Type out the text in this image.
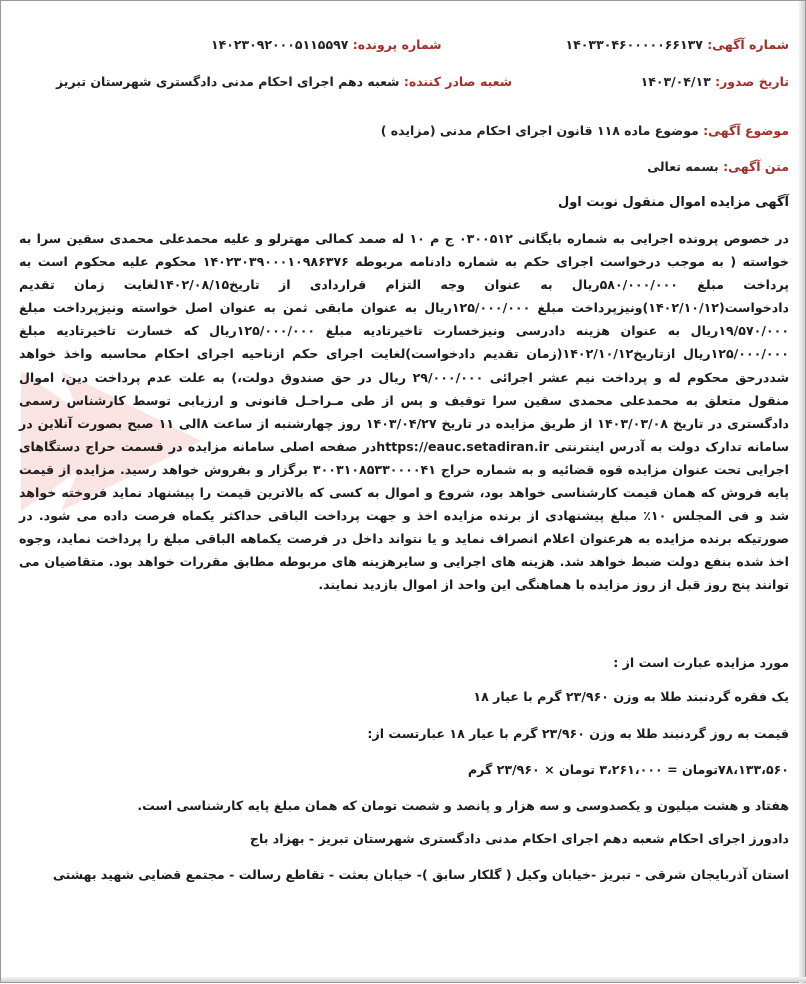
شماره آگهی: ۱۴۰۳۳۰۴۶۰۰۰۰۰۶۶۱۳۷
شماره پرونده: ۱۴۰۲۳۰۹۲۰۰۰۵۱۱۵۵۹۷
تاریخ صدور: ۱۴۰۳/۰۴/۱۳
شعبه صادر کننده: شعبه دهم اجرای احکام مدنی دادگستری شهرستان تبریز
موضوع آگهی: موضوع ماده ۱۱۸ قانون اجرای احکام مدنی (مزایده )
متن آگهی: بسمه تعالی
آگهی مزایده اموال منقول نوبت اول

در خصوص پرونده اجرایی به شماره بایگانی ۰۳۰۰۵۱۲ ج م ۱۰ له صمد کمالی مهترلو و علیه محمدعلی محمدی سقین سرا به خواسته ( به موجب درخواست اجرای حکم به شماره دادنامه مربوطه ۱۴۰۲۳۰۳۹۰۰۰۱۰۹۸۶۳۷۶ محکوم علیه محکوم است به پرداخت مبلغ ۵۸۰/۰۰۰/۰۰۰ریال به عنوان وجه التزام قراردادی از تاریخ۱۴۰۲/۰۸/۱۵لغایت زمان تقدیم دادخواست(۱۴۰۲/۱۰/۱۲)ونیزپرداخت مبلغ ۱۲۵/۰۰۰/۰۰۰ریال به عنوان مابقی ثمن به عنوان اصل خواسته ونیزپرداخت مبلغ ۱۹/۵۷۰/۰۰۰ریال به عنوان هزینه دادرسی ونیزخسارت تاخیرتادیه مبلغ ۱۲۵/۰۰۰/۰۰۰ریال که خسارت تاخیرتادیه مبلغ ۱۲۵/۰۰۰/۰۰۰ریال ازتاریخ۱۴۰۲/۱۰/۱۲(زمان تقدیم دادخواست)لغایت اجرای حکم ازناحیه اجرای احکام محاسبه واخذ خواهد شددرحق محکوم له و پرداخت نیم عشر اجرائی ۲۹/۰۰۰/۰۰۰ ریال در حق صندوق دولت،) به علت عدم پرداخت دین، اموال منقول متعلق به محمدعلی محمدی سقین سرا توقیف و پس از طی مـراحـل قانونی و ارزیابی توسط کارشناس رسمی دادگستری در تاریخ ۱۴۰۳/۰۳/۰۸ از طریق مزایده در تاریخ ۱۴۰۳/۰۴/۲۷ روز چهارشنبه از ساعت ۸الی ۱۱ صبح بصورت آنلاین در سامانه تدارک دولت به آدرس اینترنتی https://eauc.setadiran.irدر صفحه اصلی سامانه مزایده در قسمت حراج دستگاهای اجرایی تحت عنوان مزایده قوه قضائیه و به شماره حراج ۳۰۰۳۱۰۸۵۳۳۰۰۰۰۴۱ برگزار و بفروش خواهد رسید. مزایده از قیمت پایه فروش که همان قیمت کارشناسی خواهد بود، شروع و اموال به کسی که بالاترین قیمت را پیشنهاد نماید فروخته خواهد شد و فی المجلس ۱۰٪ مبلغ پیشنهادی از برنده مزایده اخذ و جهت پرداخت الباقی حداکثر یکماه فرصت داده می شود. در صورتیکه برنده مزایده به هرعنوان اعلام انصراف نماید و یا نتواند داخل در فرصت یکماهه الباقی مبلغ را پرداخت نماید، وجوه اخذ شده بنفع دولت ضبط خواهد شد. هزینه های اجرایی و سایرهزینه های مربوطه مطابق مقررات خواهد بود. متقاضیان می توانند پنج روز قبل از روز مزایده با هماهنگی این واحد از اموال بازدید نمایند.

مورد مزایده عبارت است از :
یک فقره گردنبند طلا به وزن ۲۳/۹۶۰ گرم با عیار ۱۸
قیمت به روز گردنبند طلا به وزن ۲۳/۹۶۰ گرم با عیار ۱۸ عبارتست از:
۷۸،۱۳۳،۵۶۰تومان = ۳،۲۶۱،۰۰۰ تومان × ۲۳/۹۶۰ گرم
هفتاد و هشت میلیون و یکصدوسی و سه هزار و پانصد و شصت تومان که همان مبلغ پایه کارشناسی است.
دادورز اجرای احکام شعبه دهم اجرای احکام مدنی دادگستری شهرستان تبریز - بهزاد باج
استان آذربایجان شرقی - تبریز -خیابان وکیل ( گلکار سابق )- خیابان بعثت - تقاطع رسالت - مجتمع قضایی شهید بهشتی
